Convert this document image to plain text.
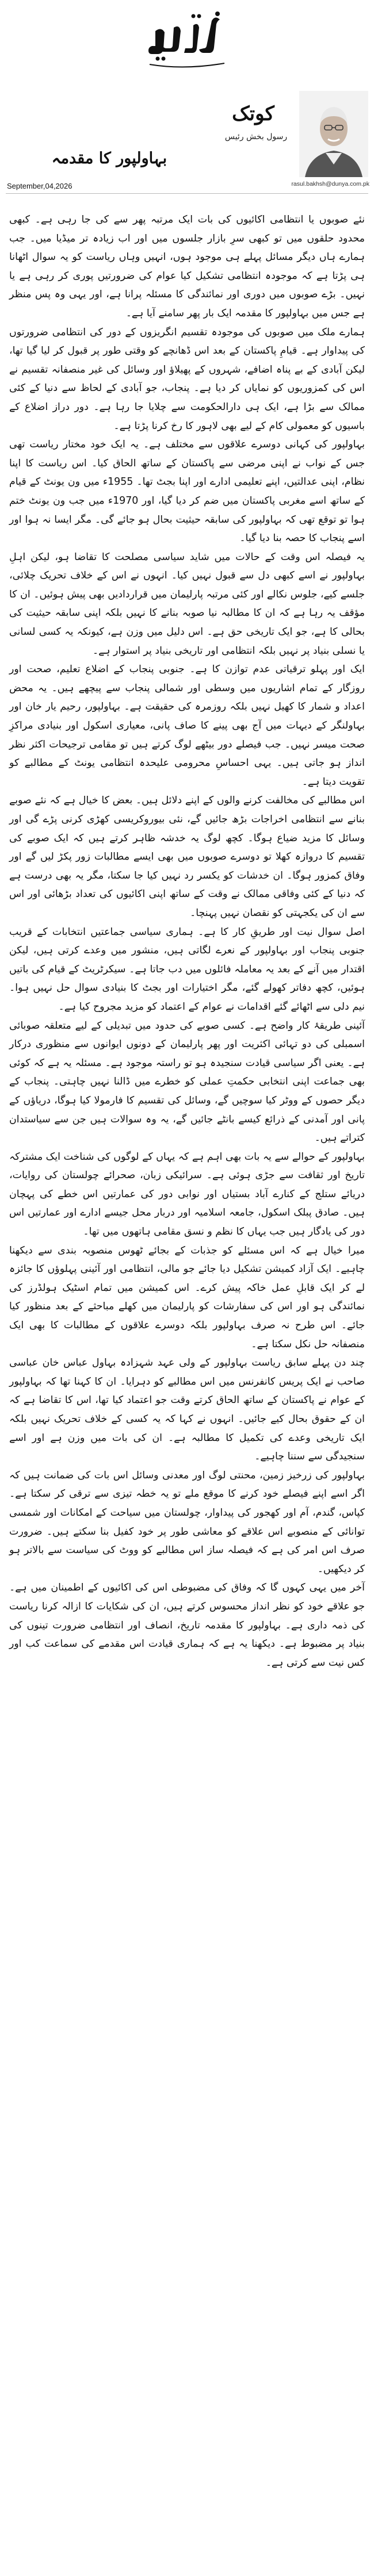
کوتک
رسول بخش رئیس
بہاولپور کا مقدمہ
September,04,2026	rasul.bakhsh@dunya.com.pk

نئے صوبوں یا انتظامی اکائیوں کی بات ایک مرتبہ پھر سے کی جا رہی ہے۔ کبھی محدود حلقوں میں تو کبھی سرِ بازار جلسوں میں اور اب زیادہ تر میڈیا میں۔ جب ہمارے ہاں دیگر مسائل پہلے ہی موجود ہوں، انہیں وہاں ریاست کو یہ سوال اٹھانا ہی پڑتا ہے کہ موجودہ انتظامی تشکیل کیا عوام کی ضرورتیں پوری کر رہی ہے یا نہیں۔ بڑے صوبوں میں دوری اور نمائندگی کا مسئلہ پرانا ہے، اور یہی وہ پس منظر ہے جس میں بہاولپور کا مقدمہ ایک بار پھر سامنے آیا ہے۔

ہمارے ملک میں صوبوں کی موجودہ تقسیم انگریزوں کے دور کی انتظامی ضرورتوں کی پیداوار ہے۔ قیامِ پاکستان کے بعد اس ڈھانچے کو وقتی طور پر قبول کر لیا گیا تھا، لیکن آبادی کے بے پناہ اضافے، شہروں کے پھیلاؤ اور وسائل کی غیر منصفانہ تقسیم نے اس کی کمزوریوں کو نمایاں کر دیا ہے۔ پنجاب، جو آبادی کے لحاظ سے دنیا کے کئی ممالک سے بڑا ہے، ایک ہی دارالحکومت سے چلایا جا رہا ہے۔ دور دراز اضلاع کے باسیوں کو معمولی کام کے لیے بھی لاہور کا رخ کرنا پڑتا ہے۔

بہاولپور کی کہانی دوسرے علاقوں سے مختلف ہے۔ یہ ایک خود مختار ریاست تھی جس کے نواب نے اپنی مرضی سے پاکستان کے ساتھ الحاق کیا۔ اس ریاست کا اپنا نظام، اپنی عدالتیں، اپنے تعلیمی ادارے اور اپنا بجٹ تھا۔ 1955ء میں ون یونٹ کے قیام کے ساتھ اسے مغربی پاکستان میں ضم کر دیا گیا، اور 1970ء میں جب ون یونٹ ختم ہوا تو توقع تھی کہ بہاولپور کی سابقہ حیثیت بحال ہو جائے گی۔ مگر ایسا نہ ہوا اور اسے پنجاب کا حصہ بنا دیا گیا۔

یہ فیصلہ اس وقت کے حالات میں شاید سیاسی مصلحت کا تقاضا ہو، لیکن اہلِ بہاولپور نے اسے کبھی دل سے قبول نہیں کیا۔ انہوں نے اس کے خلاف تحریک چلائی، جلسے کیے، جلوس نکالے اور کئی مرتبہ پارلیمان میں قراردادیں بھی پیش ہوئیں۔ ان کا مؤقف یہ رہا ہے کہ ان کا مطالبہ نیا صوبہ بنانے کا نہیں بلکہ اپنی سابقہ حیثیت کی بحالی کا ہے، جو ایک تاریخی حق ہے۔ اس دلیل میں وزن ہے، کیونکہ یہ کسی لسانی یا نسلی بنیاد پر نہیں بلکہ انتظامی اور تاریخی بنیاد پر استوار ہے۔

ایک اور پہلو ترقیاتی عدم توازن کا ہے۔ جنوبی پنجاب کے اضلاع تعلیم، صحت اور روزگار کے تمام اشاریوں میں وسطی اور شمالی پنجاب سے پیچھے ہیں۔ یہ محض اعداد و شمار کا کھیل نہیں بلکہ روزمرہ کی حقیقت ہے۔ بہاولپور، رحیم یار خان اور بہاولنگر کے دیہات میں آج بھی پینے کا صاف پانی، معیاری اسکول اور بنیادی مراکزِ صحت میسر نہیں۔ جب فیصلے دور بیٹھے لوگ کرتے ہیں تو مقامی ترجیحات اکثر نظر انداز ہو جاتی ہیں۔ یہی احساسِ محرومی علیحدہ انتظامی یونٹ کے مطالبے کو تقویت دیتا ہے۔

اس مطالبے کی مخالفت کرنے والوں کے اپنے دلائل ہیں۔ بعض کا خیال ہے کہ نئے صوبے بنانے سے انتظامی اخراجات بڑھ جائیں گے، نئی بیوروکریسی کھڑی کرنی پڑے گی اور وسائل کا مزید ضیاع ہوگا۔ کچھ لوگ یہ خدشہ ظاہر کرتے ہیں کہ ایک صوبے کی تقسیم کا دروازہ کھلا تو دوسرے صوبوں میں بھی ایسے مطالبات زور پکڑ لیں گے اور وفاق کمزور ہوگا۔ ان خدشات کو یکسر رد نہیں کیا جا سکتا، مگر یہ بھی درست ہے کہ دنیا کے کئی وفاقی ممالک نے وقت کے ساتھ اپنی اکائیوں کی تعداد بڑھائی اور اس سے ان کی یکجہتی کو نقصان نہیں پہنچا۔

اصل سوال نیت اور طریقِ کار کا ہے۔ ہماری سیاسی جماعتیں انتخابات کے قریب جنوبی پنجاب اور بہاولپور کے نعرے لگاتی ہیں، منشور میں وعدے کرتی ہیں، لیکن اقتدار میں آنے کے بعد یہ معاملہ فائلوں میں دب جاتا ہے۔ سیکرٹریٹ کے قیام کی باتیں ہوئیں، کچھ دفاتر کھولے گئے، مگر اختیارات اور بجٹ کا بنیادی سوال حل نہیں ہوا۔ نیم دلی سے اٹھائے گئے اقدامات نے عوام کے اعتماد کو مزید مجروح کیا ہے۔

آئینی طریقۂ کار واضح ہے۔ کسی صوبے کی حدود میں تبدیلی کے لیے متعلقہ صوبائی اسمبلی کی دو تہائی اکثریت اور پھر پارلیمان کے دونوں ایوانوں سے منظوری درکار ہے۔ یعنی اگر سیاسی قیادت سنجیدہ ہو تو راستہ موجود ہے۔ مسئلہ یہ ہے کہ کوئی بھی جماعت اپنی انتخابی حکمتِ عملی کو خطرے میں ڈالنا نہیں چاہتی۔ پنجاب کے دیگر حصوں کے ووٹر کیا سوچیں گے، وسائل کی تقسیم کا فارمولا کیا ہوگا، دریاؤں کے پانی اور آمدنی کے ذرائع کیسے بانٹے جائیں گے، یہ وہ سوالات ہیں جن سے سیاستدان کتراتے ہیں۔

بہاولپور کے حوالے سے یہ بات بھی اہم ہے کہ یہاں کے لوگوں کی شناخت ایک مشترکہ تاریخ اور ثقافت سے جڑی ہوئی ہے۔ سرائیکی زبان، صحرائے چولستان کی روایات، دریائے ستلج کے کنارے آباد بستیاں اور نوابی دور کی عمارتیں اس خطے کی پہچان ہیں۔ صادق پبلک اسکول، جامعہ اسلامیہ اور دربار محل جیسے ادارے اور عمارتیں اس دور کی یادگار ہیں جب یہاں کا نظم و نسق مقامی ہاتھوں میں تھا۔

میرا خیال ہے کہ اس مسئلے کو جذبات کے بجائے ٹھوس منصوبہ بندی سے دیکھنا چاہیے۔ ایک آزاد کمیشن تشکیل دیا جائے جو مالی، انتظامی اور آئینی پہلوؤں کا جائزہ لے کر ایک قابلِ عمل خاکہ پیش کرے۔ اس کمیشن میں تمام اسٹیک ہولڈرز کی نمائندگی ہو اور اس کی سفارشات کو پارلیمان میں کھلے مباحثے کے بعد منظور کیا جائے۔ اس طرح نہ صرف بہاولپور بلکہ دوسرے علاقوں کے مطالبات کا بھی ایک منصفانہ حل نکل سکتا ہے۔

چند دن پہلے سابق ریاست بہاولپور کے ولی عہد شہزادہ بہاول عباس خان عباسی صاحب نے ایک پریس کانفرنس میں اس مطالبے کو دہرایا۔ ان کا کہنا تھا کہ بہاولپور کے عوام نے پاکستان کے ساتھ الحاق کرتے وقت جو اعتماد کیا تھا، اس کا تقاضا ہے کہ ان کے حقوق بحال کیے جائیں۔ انہوں نے کہا کہ یہ کسی کے خلاف تحریک نہیں بلکہ ایک تاریخی وعدے کی تکمیل کا مطالبہ ہے۔ ان کی بات میں وزن ہے اور اسے سنجیدگی سے سننا چاہیے۔

بہاولپور کی زرخیز زمین، محنتی لوگ اور معدنی وسائل اس بات کی ضمانت ہیں کہ اگر اسے اپنے فیصلے خود کرنے کا موقع ملے تو یہ خطہ تیزی سے ترقی کر سکتا ہے۔ کپاس، گندم، آم اور کھجور کی پیداوار، چولستان میں سیاحت کے امکانات اور شمسی توانائی کے منصوبے اس علاقے کو معاشی طور پر خود کفیل بنا سکتے ہیں۔ ضرورت صرف اس امر کی ہے کہ فیصلہ ساز اس مطالبے کو ووٹ کی سیاست سے بالاتر ہو کر دیکھیں۔

آخر میں یہی کہوں گا کہ وفاق کی مضبوطی اس کی اکائیوں کے اطمینان میں ہے۔ جو علاقے خود کو نظر انداز محسوس کرتے ہیں، ان کی شکایات کا ازالہ کرنا ریاست کی ذمہ داری ہے۔ بہاولپور کا مقدمہ تاریخ، انصاف اور انتظامی ضرورت تینوں کی بنیاد پر مضبوط ہے۔ دیکھنا یہ ہے کہ ہماری قیادت اس مقدمے کی سماعت کب اور کس نیت سے کرتی ہے۔
